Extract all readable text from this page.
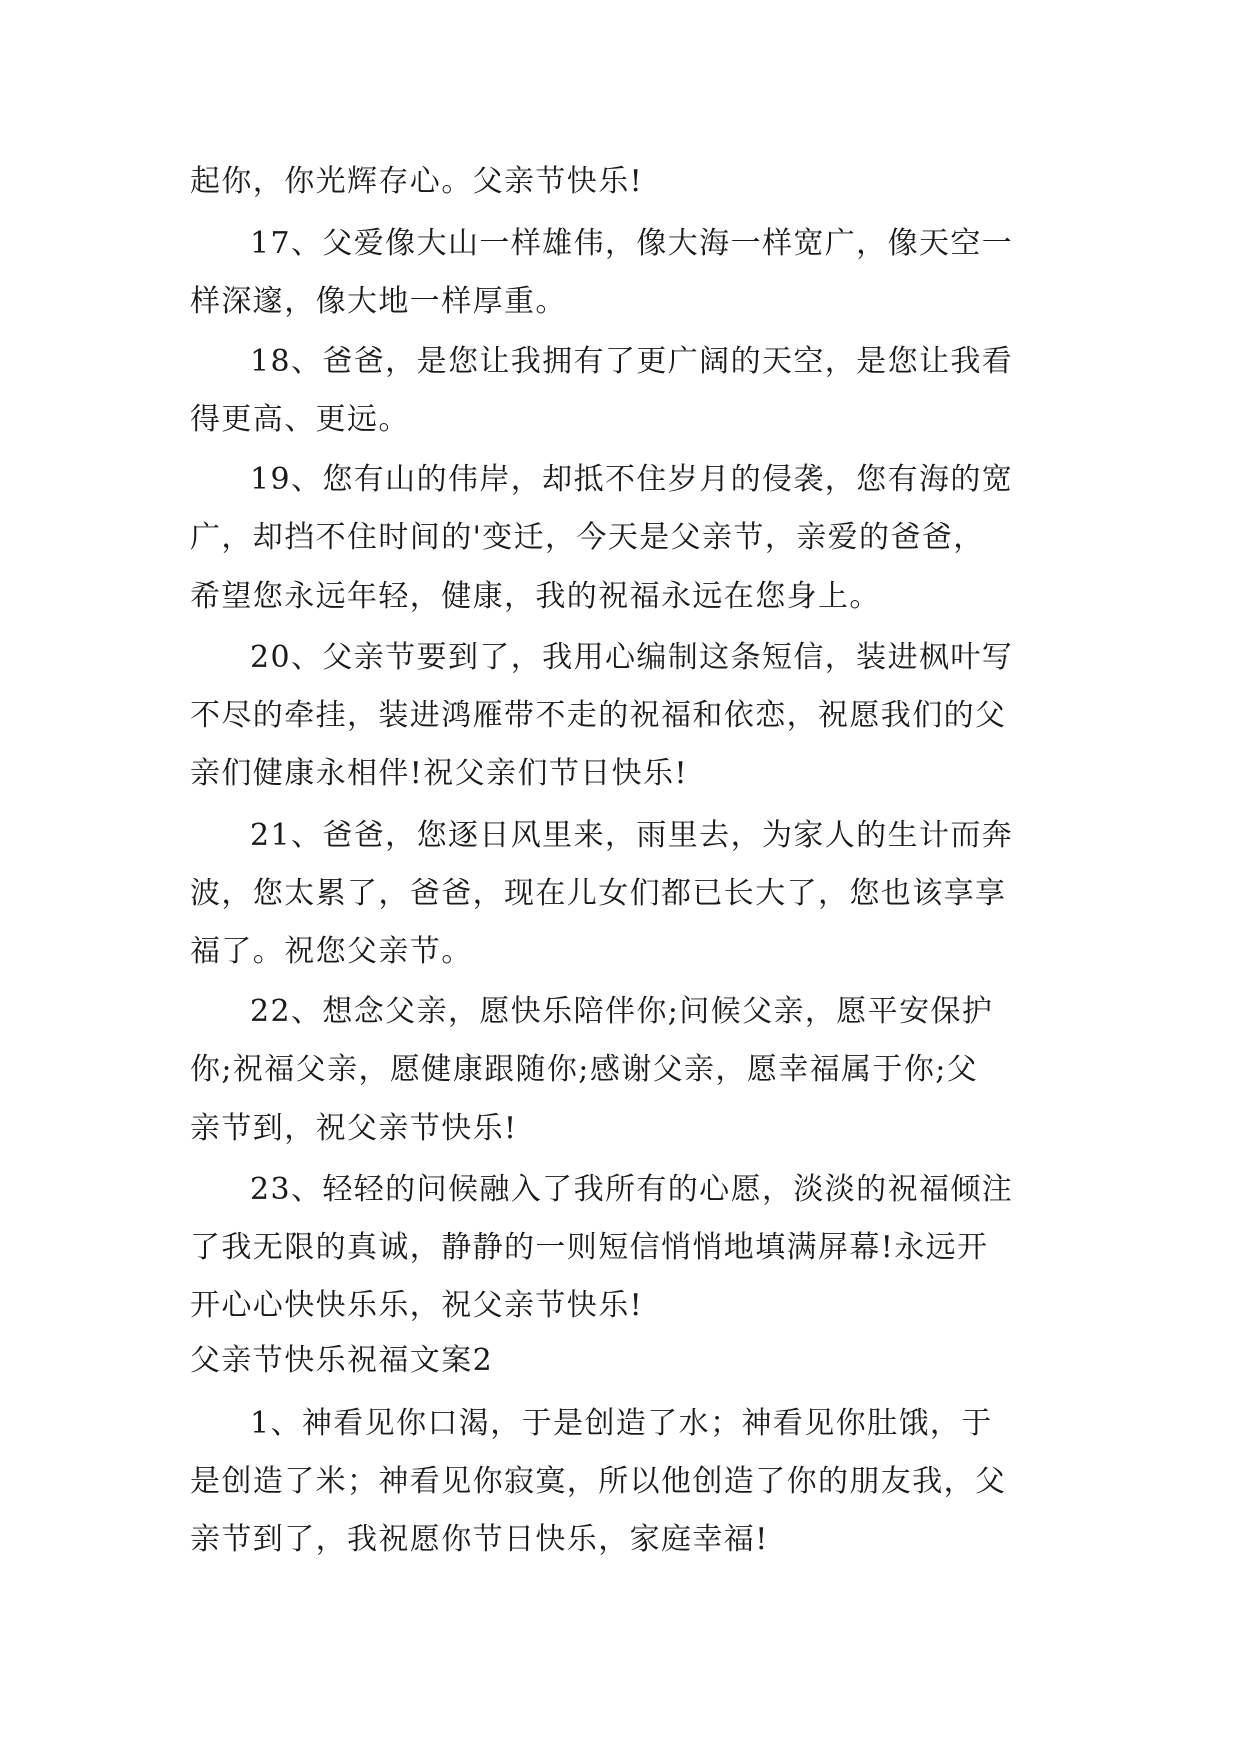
起你，你光辉存心。父亲节快乐!
17、父爱像大山一样雄伟，像大海一样宽广，像天空一
样深邃，像大地一样厚重。
18、爸爸，是您让我拥有了更广阔的天空，是您让我看
得更高、更远。
19、您有山的伟岸，却抵不住岁月的侵袭，您有海的宽
广，却挡不住时间的'变迁，今天是父亲节，亲爱的爸爸，
希望您永远年轻，健康，我的祝福永远在您身上。
20、父亲节要到了，我用心编制这条短信，装进枫叶写
不尽的牵挂，装进鸿雁带不走的祝福和依恋，祝愿我们的父
亲们健康永相伴!祝父亲们节日快乐!
21、爸爸，您逐日风里来，雨里去，为家人的生计而奔
波，您太累了，爸爸，现在儿女们都已长大了，您也该享享
福了。祝您父亲节。
22、想念父亲，愿快乐陪伴你;问候父亲，愿平安保护
你;祝福父亲，愿健康跟随你;感谢父亲，愿幸福属于你;父
亲节到，祝父亲节快乐!
23、轻轻的问候融入了我所有的心愿，淡淡的祝福倾注
了我无限的真诚，静静的一则短信悄悄地填满屏幕!永远开
开心心快快乐乐，祝父亲节快乐!
父亲节快乐祝福文案2
1、神看见你口渴，于是创造了水；神看见你肚饿，于
是创造了米；神看见你寂寞，所以他创造了你的朋友我，父
亲节到了，我祝愿你节日快乐，家庭幸福!
